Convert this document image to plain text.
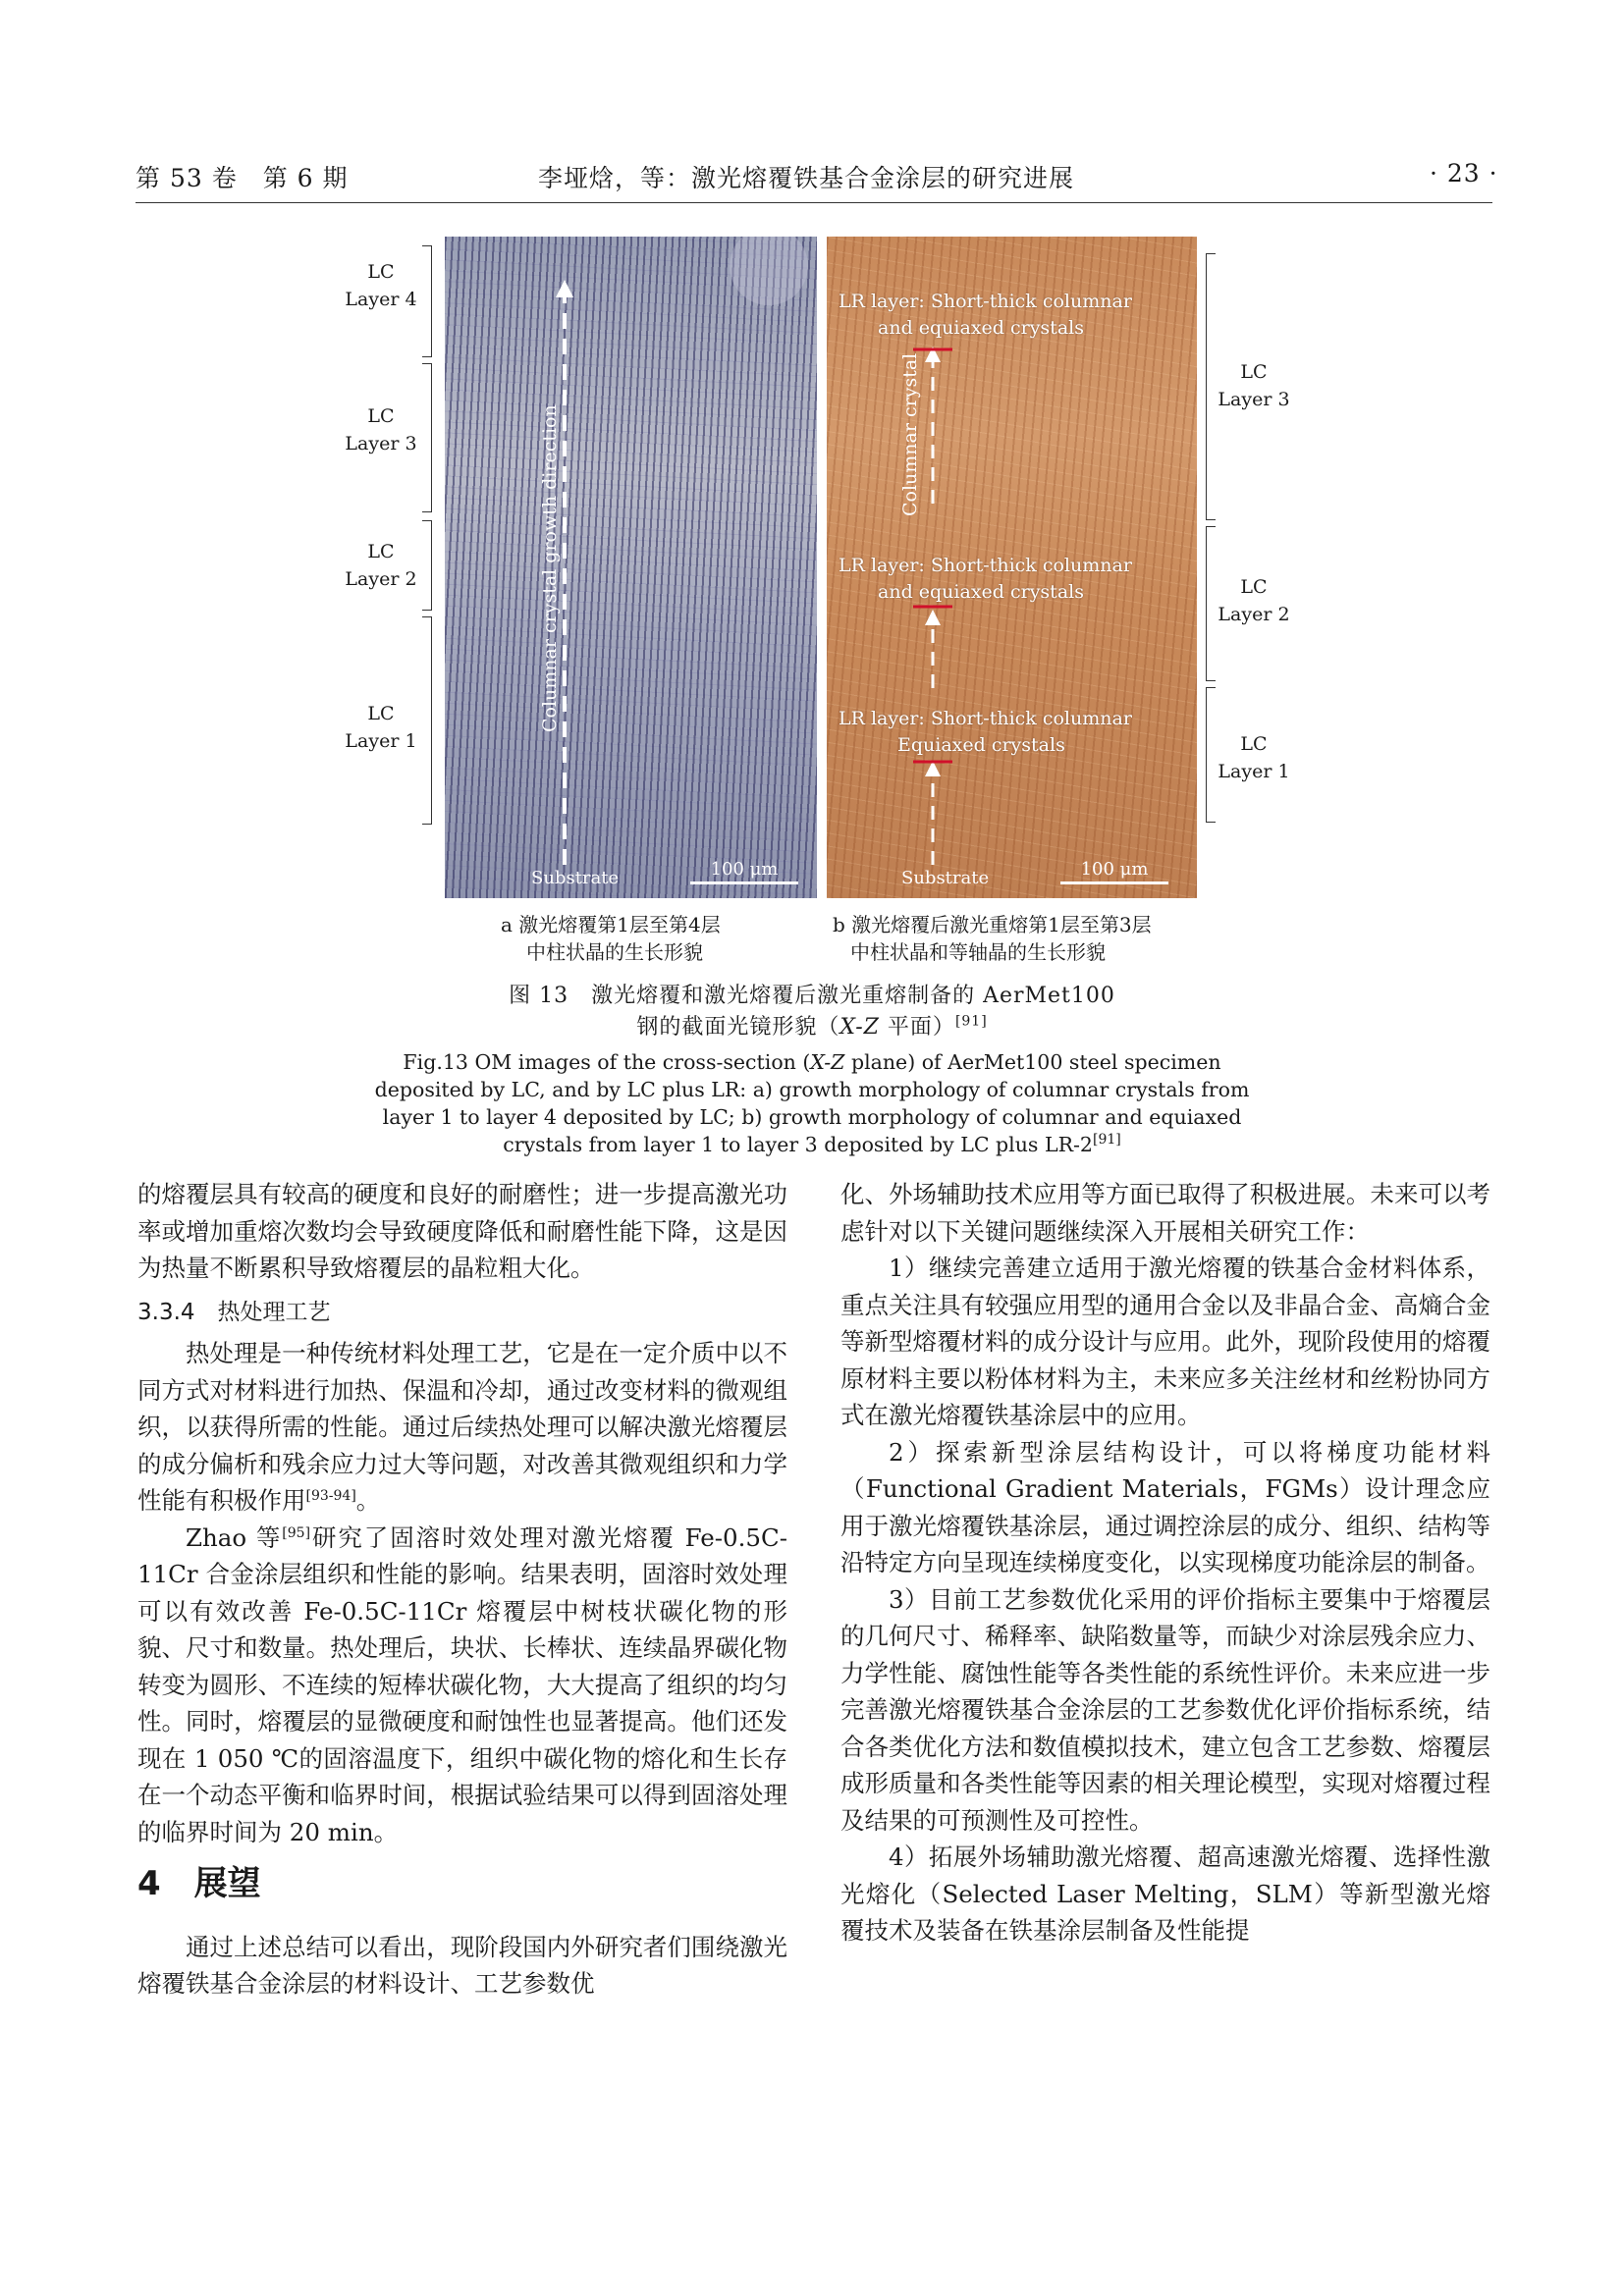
第 53 卷　第 6 期	李垭焓，等：激光熔覆铁基合金涂层的研究进展	· 23 ·
LC
Layer 4
LC
Layer 3
LC
Layer 2
LC
Layer 1
Columnar crystal growth direction
Substrate	100 μm
LR layer: Short-thick columnar
and equiaxed crystals
Columnar crystal
LR layer: Short-thick columnar
and equiaxed crystals
LR layer: Short-thick columnar
Equiaxed crystals
Substrate	100 μm
LC
Layer 3
LC
Layer 2
LC
Layer 1
a 激光熔覆第1层至第4层
中柱状晶的生长形貌
b 激光熔覆后激光重熔第1层至第3层
中柱状晶和等轴晶的生长形貌
图 13　激光熔覆和激光熔覆后激光重熔制备的 AerMet100
钢的截面光镜形貌（X-Z 平面）[91]
Fig.13 OM images of the cross-section (X-Z plane) of AerMet100 steel specimen
deposited by LC, and by LC plus LR: a) growth morphology of columnar crystals from
layer 1 to layer 4 deposited by LC; b) growth morphology of columnar and equiaxed
crystals from layer 1 to layer 3 deposited by LC plus LR-2[91]

的熔覆层具有较高的硬度和良好的耐磨性；进一步提高激光功率或增加重熔次数均会导致硬度降低和耐磨性能下降，这是因为热量不断累积导致熔覆层的晶粒粗大化。

3.3.4　热处理工艺

热处理是一种传统材料处理工艺，它是在一定介质中以不同方式对材料进行加热、保温和冷却，通过改变材料的微观组织，以获得所需的性能。通过后续热处理可以解决激光熔覆层的成分偏析和残余应力过大等问题，对改善其微观组织和力学性能有积极作用[93-94]。

Zhao 等[95]研究了固溶时效处理对激光熔覆 Fe-0.5C-11Cr 合金涂层组织和性能的影响。结果表明，固溶时效处理可以有效改善 Fe-0.5C-11Cr 熔覆层中树枝状碳化物的形貌、尺寸和数量。热处理后，块状、长棒状、连续晶界碳化物转变为圆形、不连续的短棒状碳化物，大大提高了组织的均匀性。同时，熔覆层的显微硬度和耐蚀性也显著提高。他们还发现在 1 050 ℃的固溶温度下，组织中碳化物的熔化和生长存在一个动态平衡和临界时间，根据试验结果可以得到固溶处理的临界时间为 20 min。

4　展望

通过上述总结可以看出，现阶段国内外研究者们围绕激光熔覆铁基合金涂层的材料设计、工艺参数优

化、外场辅助技术应用等方面已取得了积极进展。未来可以考虑针对以下关键问题继续深入开展相关研究工作：

1）继续完善建立适用于激光熔覆的铁基合金材料体系，重点关注具有较强应用型的通用合金以及非晶合金、高熵合金等新型熔覆材料的成分设计与应用。此外，现阶段使用的熔覆原材料主要以粉体材料为主，未来应多关注丝材和丝粉协同方式在激光熔覆铁基涂层中的应用。

2）探索新型涂层结构设计，可以将梯度功能材料（Functional Gradient Materials，FGMs）设计理念应用于激光熔覆铁基涂层，通过调控涂层的成分、组织、结构等沿特定方向呈现连续梯度变化，以实现梯度功能涂层的制备。

3）目前工艺参数优化采用的评价指标主要集中于熔覆层的几何尺寸、稀释率、缺陷数量等，而缺少对涂层残余应力、力学性能、腐蚀性能等各类性能的系统性评价。未来应进一步完善激光熔覆铁基合金涂层的工艺参数优化评价指标系统，结合各类优化方法和数值模拟技术，建立包含工艺参数、熔覆层成形质量和各类性能等因素的相关理论模型，实现对熔覆过程及结果的可预测性及可控性。

4）拓展外场辅助激光熔覆、超高速激光熔覆、选择性激光熔化（Selected Laser Melting，SLM）等新型激光熔覆技术及装备在铁基涂层制备及性能提
